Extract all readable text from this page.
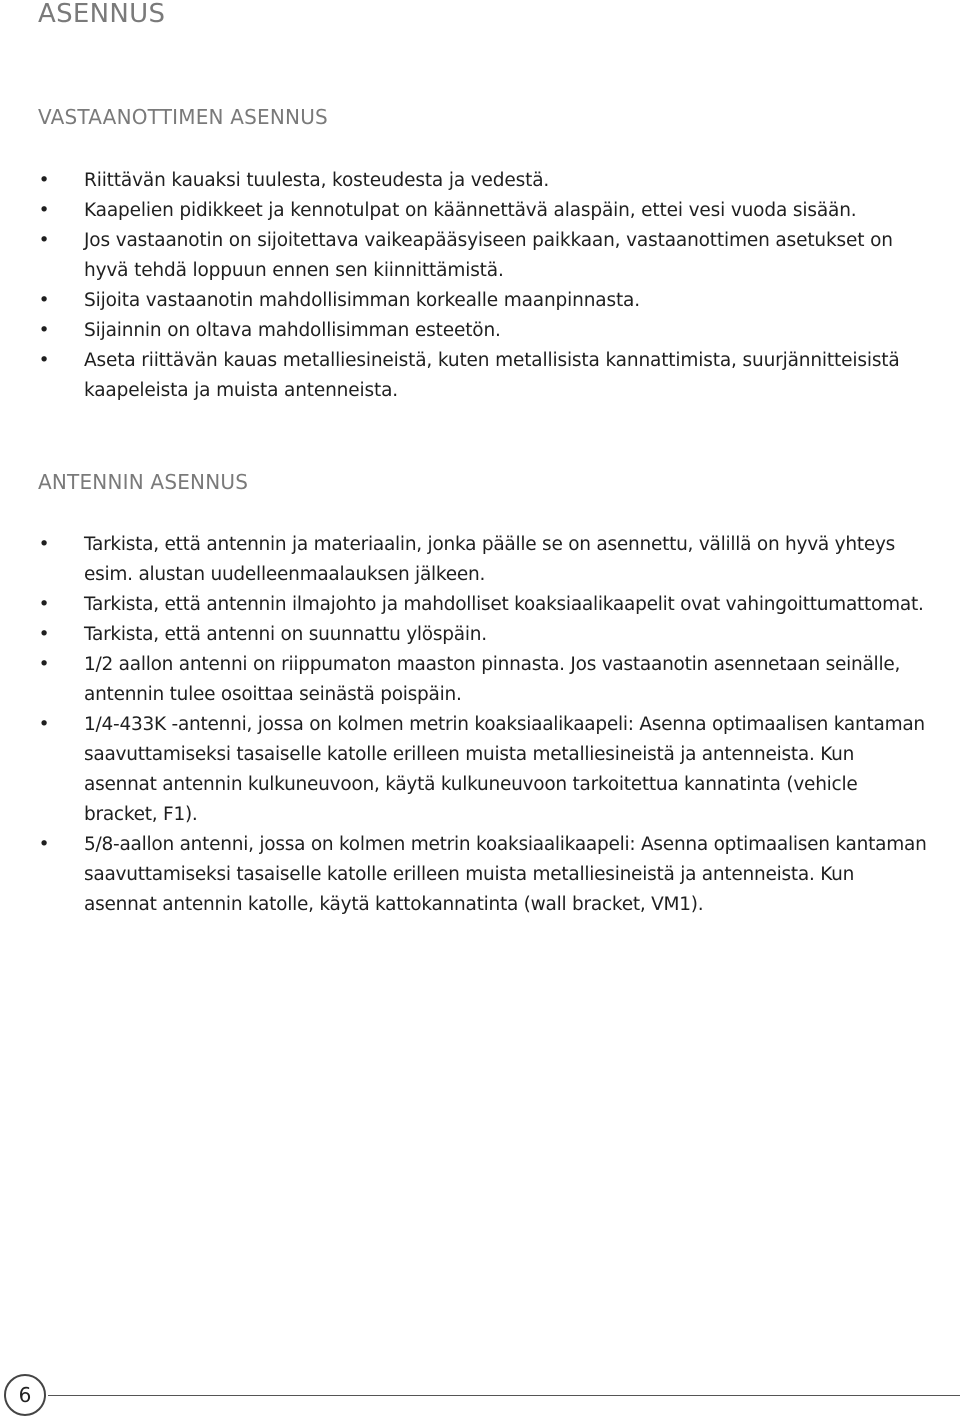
ASENNUS
VASTAANOTTIMEN ASENNUS
• Riittävän kauaksi tuulesta, kosteudesta ja vedestä.
• Kaapelien pidikkeet ja kennotulpat on käännettävä alaspäin, ettei vesi vuoda sisään.
• Jos vastaanotin on sijoitettava vaikeapääsyiseen paikkaan, vastaanottimen asetukset on hyvä tehdä loppuun ennen sen kiinnittämistä.
• Sijoita vastaanotin mahdollisimman korkealle maanpinnasta.
• Sijainnin on oltava mahdollisimman esteetön.
• Aseta riittävän kauas metalliesineistä, kuten metallisista kannattimista, suurjännitteisistä kaapeleista ja muista antenneista.
ANTENNIN ASENNUS
• Tarkista, että antennin ja materiaalin, jonka päälle se on asennettu, välillä on hyvä yhteys esim. alustan uudelleenmaalauksen jälkeen.
• Tarkista, että antennin ilmajohto ja mahdolliset koaksiaalikaapelit ovat vahingoittumattomat.
• Tarkista, että antenni on suunnattu ylöspäin.
• 1/2 aallon antenni on riippumaton maaston pinnasta. Jos vastaanotin asennetaan seinälle, antennin tulee osoittaa seinästä poispäin.
• 1/4-433K -antenni, jossa on kolmen metrin koaksiaalikaapeli: Asenna optimaalisen kantaman saavuttamiseksi tasaiselle katolle erilleen muista metalliesineistä ja antenneista. Kun asennat antennin kulkuneuvoon, käytä kulkuneuvoon tarkoitettua kannatinta (vehicle bracket, F1).
• 5/8-aallon antenni, jossa on kolmen metrin koaksiaalikaapeli: Asenna optimaalisen kantaman saavuttamiseksi tasaiselle katolle erilleen muista metalliesineistä ja antenneista. Kun asennat antennin katolle, käytä kattokannatinta (wall bracket, VM1).
6
